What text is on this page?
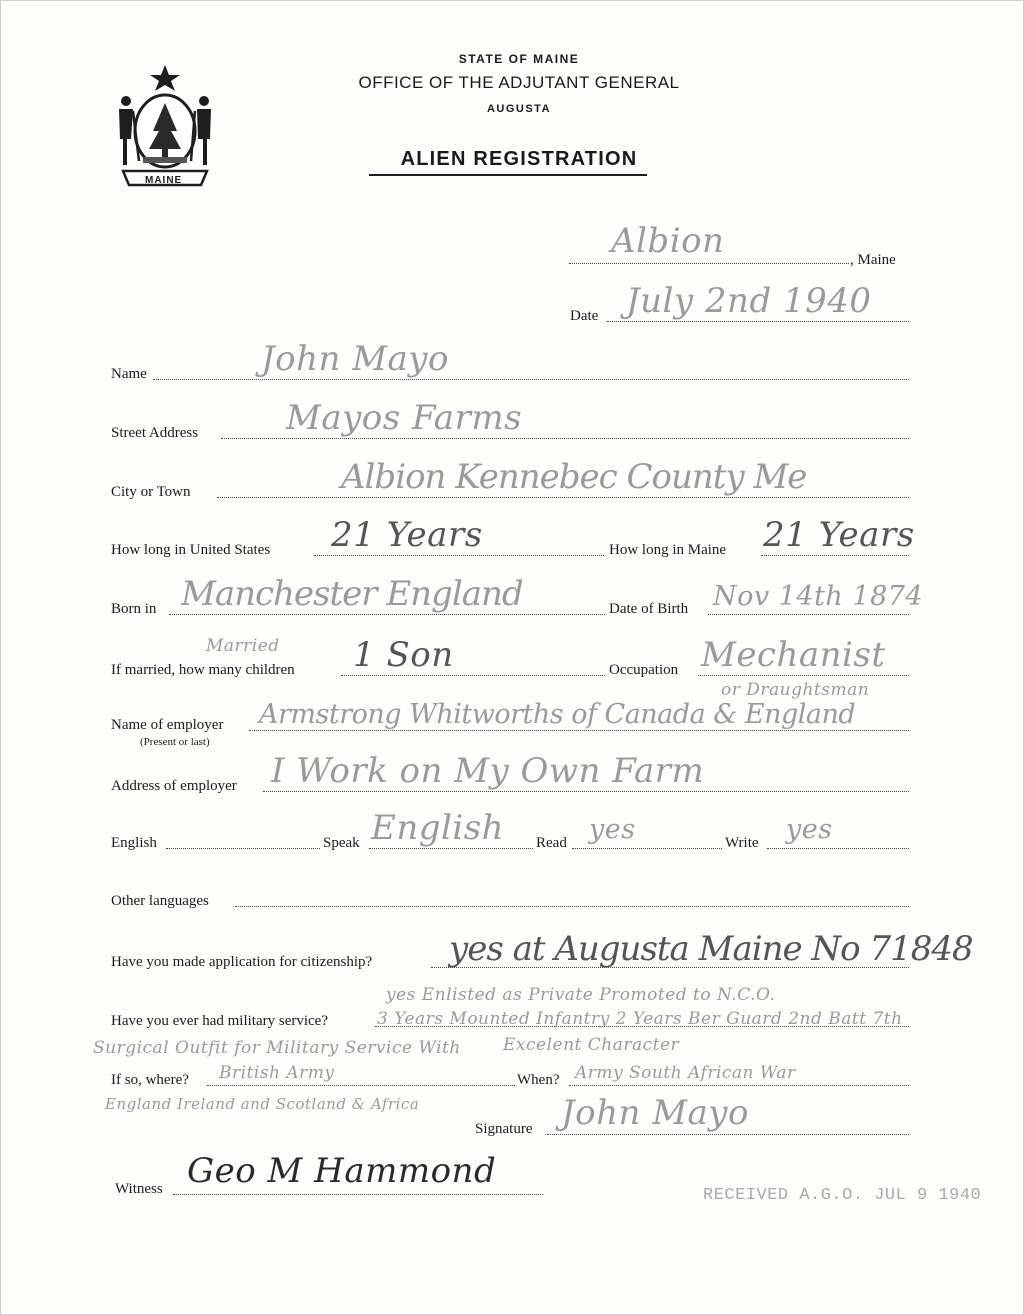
MAINE
STATE OF MAINE
OFFICE OF THE ADJUTANT GENERAL
AUGUSTA
ALIEN REGISTRATION
Albion	, Maine
Date July 2nd 1940
Name	John Mayo
Street Address	Mayos Farms
City or Town	Albion Kennebec County Me
How long in United States 21 Years	How long in Maine 21 Years
Born in Manchester England	Date of Birth Nov 14th 1874
Married
If married, how many children 1 Son	Occupation Mechanist
or Draughtsman
Name of employer
(Present or last)
Armstrong Whitworths of Canada & England
Address of employer I Work on My Own Farm
English	Speak English Read yes	Write yes
Other languages
Have you made application for citizenship? yes at Augusta Maine No 71848
yes Enlisted as Private Promoted to N.C.O.
Have you ever had military service?	3 Years Mounted Infantry 2 Years Ber Guard 2nd Batt 7th
Surgical Outfit for Military Service With Excelent Character
If so, where? British Army	When? Army South African War
England Ireland and Scotland & Africa
Signature John Mayo
Witness Geo M Hammond
RECEIVED A.G.O. JUL 9 1940
